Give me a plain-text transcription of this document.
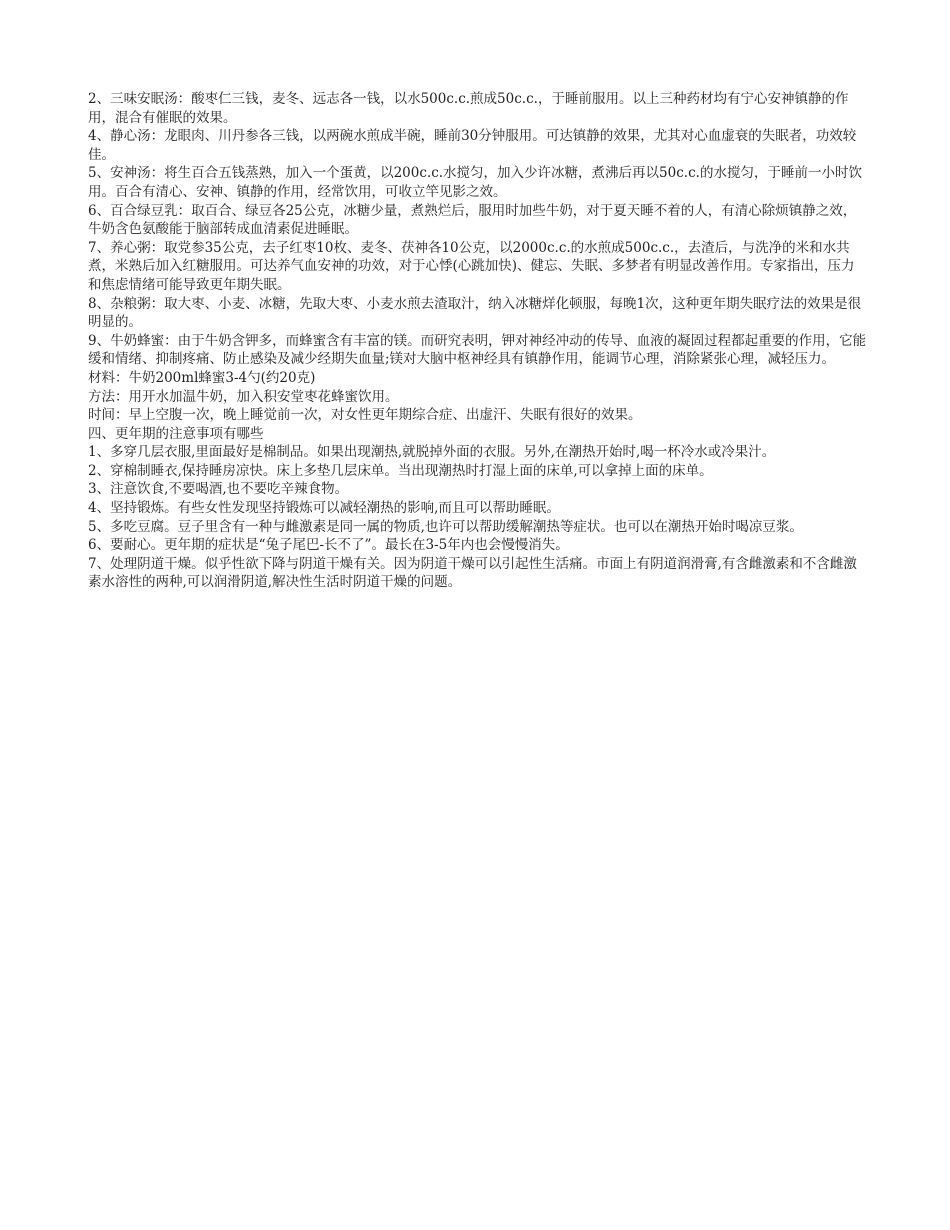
2、三味安眠汤：酸枣仁三钱，麦冬、远志各一钱，以水500c.c.煎成50c.c.，于睡前服用。以上三种药材均有宁心安神镇静的作用，混合有催眠的效果。

4、静心汤：龙眼肉、川丹参各三钱，以两碗水煎成半碗，睡前30分钟服用。可达镇静的效果，尤其对心血虚衰的失眠者，功效较佳。

5、安神汤：将生百合五钱蒸熟，加入一个蛋黄，以200c.c.水搅匀，加入少许冰糖，煮沸后再以50c.c.的水搅匀，于睡前一小时饮用。百合有清心、安神、镇静的作用，经常饮用，可收立竿见影之效。

6、百合绿豆乳：取百合、绿豆各25公克，冰糖少量，煮熟烂后，服用时加些牛奶，对于夏天睡不着的人，有清心除烦镇静之效，牛奶含色氨酸能于脑部转成血清素促进睡眠。

7、养心粥：取党参35公克，去子红枣10枚、麦冬、茯神各10公克，以2000c.c.的水煎成500c.c.，去渣后，与洗净的米和水共煮，米熟后加入红糖服用。可达养气血安神的功效，对于心悸(心跳加快)、健忘、失眠、多梦者有明显改善作用。专家指出，压力和焦虑情绪可能导致更年期失眠。

8、杂粮粥：取大枣、小麦、冰糖，先取大枣、小麦水煎去渣取汁，纳入冰糖烊化顿服，每晚1次，这种更年期失眠疗法的效果是很明显的。

9、牛奶蜂蜜：由于牛奶含钾多，而蜂蜜含有丰富的镁。而研究表明，钾对神经冲动的传导、血液的凝固过程都起重要的作用，它能缓和情绪、抑制疼痛、防止感染及减少经期失血量;镁对大脑中枢神经具有镇静作用，能调节心理，消除紧张心理，减轻压力。

材料：牛奶200ml蜂蜜3-4勺(约20克)

方法：用开水加温牛奶，加入积安堂枣花蜂蜜饮用。

时间：早上空腹一次，晚上睡觉前一次，对女性更年期综合症、出虚汗、失眠有很好的效果。

四、更年期的注意事项有哪些

1、多穿几层衣服,里面最好是棉制品。如果出现潮热,就脱掉外面的衣服。另外,在潮热开始时,喝一杯冷水或冷果汁。

2、穿棉制睡衣,保持睡房凉快。床上多垫几层床单。当出现潮热时打湿上面的床单,可以拿掉上面的床单。

3、注意饮食,不要喝酒,也不要吃辛辣食物。

4、坚持锻炼。有些女性发现坚持锻炼可以减轻潮热的影响,而且可以帮助睡眠。

5、多吃豆腐。豆子里含有一种与雌激素是同一属的物质,也许可以帮助缓解潮热等症状。也可以在潮热开始时喝凉豆浆。

6、要耐心。更年期的症状是“兔子尾巴-长不了”。最长在3-5年内也会慢慢消失。

7、处理阴道干燥。似乎性欲下降与阴道干燥有关。因为阴道干燥可以引起性生活痛。市面上有阴道润滑膏,有含雌激素和不含雌激素水溶性的两种,可以润滑阴道,解决性生活时阴道干燥的问题。
